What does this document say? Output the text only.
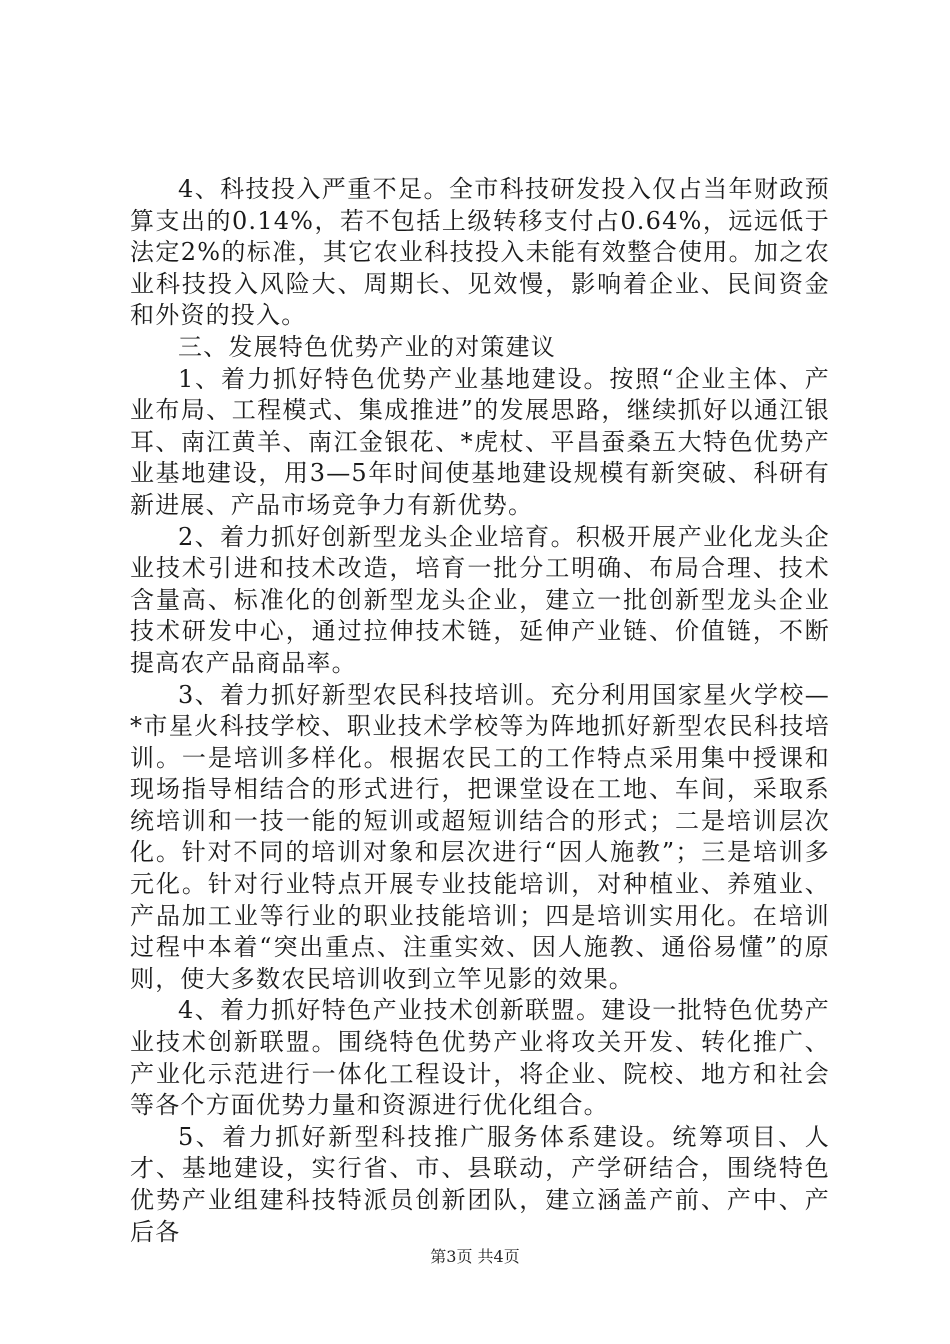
4、科技投入严重不足。全市科技研发投入仅占当年财政预算支出的0.14%，若不包括上级转移支付占0.64%，远远低于法定2%的标准，其它农业科技投入未能有效整合使用。加之农业科技投入风险大、周期长、见效慢，影响着企业、民间资金和外资的投入。

三、发展特色优势产业的对策建议

1、着力抓好特色优势产业基地建设。按照“企业主体、产业布局、工程模式、集成推进”的发展思路，继续抓好以通江银耳、南江黄羊、南江金银花、*虎杖、平昌蚕桑五大特色优势产业基地建设，用3—5年时间使基地建设规模有新突破、科研有新进展、产品市场竞争力有新优势。

2、着力抓好创新型龙头企业培育。积极开展产业化龙头企业技术引进和技术改造，培育一批分工明确、布局合理、技术含量高、标准化的创新型龙头企业，建立一批创新型龙头企业技术研发中心，通过拉伸技术链，延伸产业链、价值链，不断提高农产品商品率。

3、着力抓好新型农民科技培训。充分利用国家星火学校—*市星火科技学校、职业技术学校等为阵地抓好新型农民科技培训。一是培训多样化。根据农民工的工作特点采用集中授课和现场指导相结合的形式进行，把课堂设在工地、车间，采取系统培训和一技一能的短训或超短训结合的形式；二是培训层次化。针对不同的培训对象和层次进行“因人施教”；三是培训多元化。针对行业特点开展专业技能培训，对种植业、养殖业、产品加工业等行业的职业技能培训；四是培训实用化。在培训过程中本着“突出重点、注重实效、因人施教、通俗易懂”的原则，使大多数农民培训收到立竿见影的效果。

4、着力抓好特色产业技术创新联盟。建设一批特色优势产业技术创新联盟。围绕特色优势产业将攻关开发、转化推广、产业化示范进行一体化工程设计，将企业、院校、地方和社会等各个方面优势力量和资源进行优化组合。

5、着力抓好新型科技推广服务体系建设。统筹项目、人才、基地建设，实行省、市、县联动，产学研结合，围绕特色优势产业组建科技特派员创新团队，建立涵盖产前、产中、产后各

第3页 共4页
